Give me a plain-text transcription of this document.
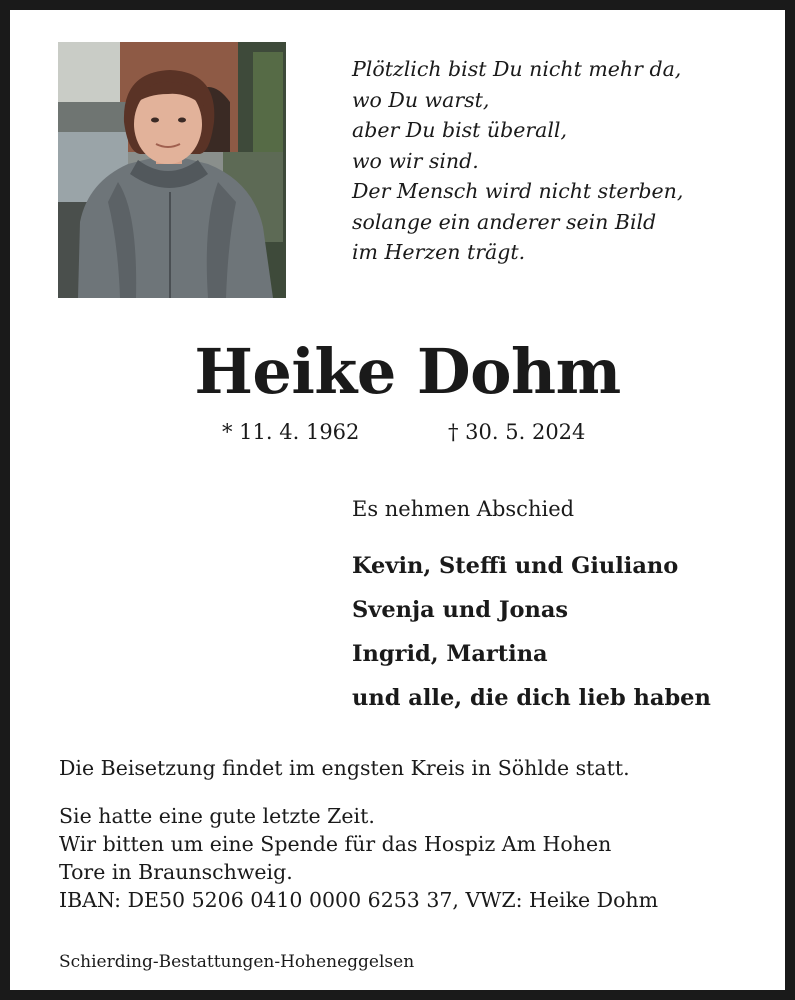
Plötzlich bist Du nicht mehr da,
wo Du warst,
aber Du bist überall,
wo wir sind.
Der Mensch wird nicht sterben,
solange ein anderer sein Bild
im Herzen trägt.
Heike Dohm
* 11. 4. 1962	† 30. 5. 2024
Es nehmen Abschied
Kevin, Steffi und Giuliano
Svenja und Jonas
Ingrid, Martina
und alle, die dich lieb haben
Die Beisetzung findet im engsten Kreis in Söhlde statt.
Sie hatte eine gute letzte Zeit.
Wir bitten um eine Spende für das Hospiz Am Hohen
Tore in Braunschweig.
IBAN: DE50 5206 0410 0000 6253 37, VWZ: Heike Dohm
Schierding-Bestattungen-Hoheneggelsen
